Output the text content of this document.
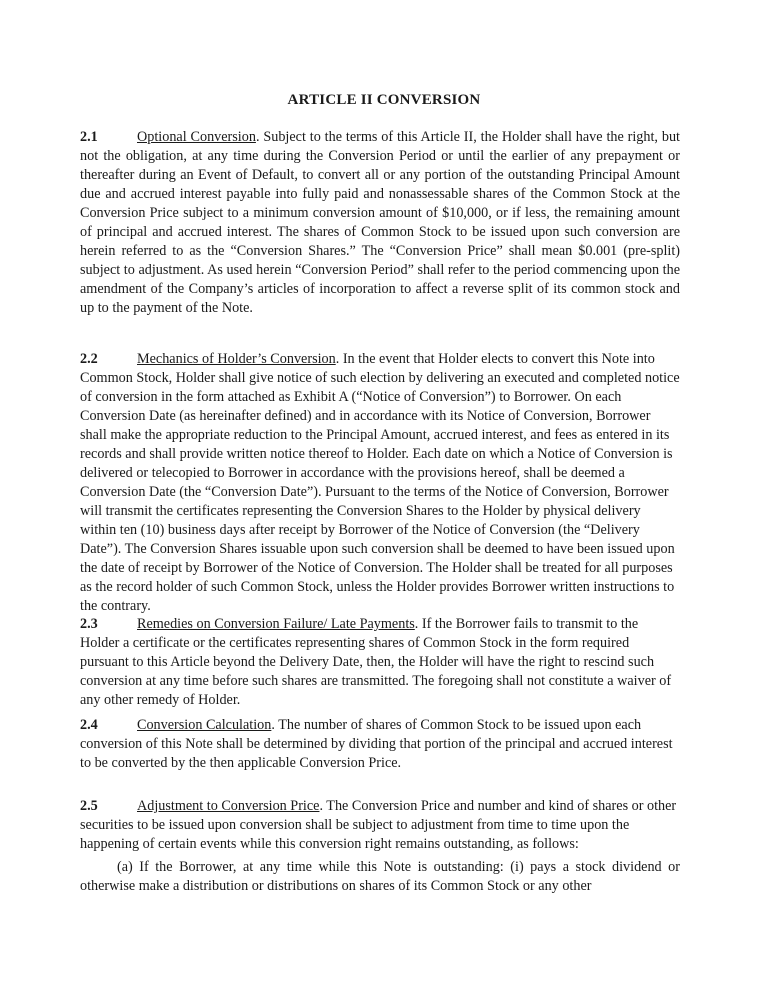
ARTICLE II CONVERSION

2.1	Optional Conversion. Subject to the terms of this Article II, the Holder shall have the right, but not the obligation, at any time during the Conversion Period or until the earlier of any prepayment or thereafter during an Event of Default, to convert all or any portion of the outstanding Principal Amount due and accrued interest payable into fully paid and nonassessable shares of the Common Stock at the Conversion Price subject to a minimum conversion amount of $10,000, or if less, the remaining amount of principal and accrued interest. The shares of Common Stock to be issued upon such conversion are herein referred to as the “Conversion Shares.” The “Conversion Price” shall mean $0.001 (pre-split) subject to adjustment. As used herein “Conversion Period” shall refer to the period commencing upon the amendment of the Company’s articles of incorporation to affect a reverse split of its common stock and up to the payment of the Note.

2.2	Mechanics of Holder’s Conversion. In the event that Holder elects to convert this Note into Common Stock, Holder shall give notice of such election by delivering an executed and completed notice of conversion in the form attached as Exhibit A (“Notice of Conversion”) to Borrower. On each Conversion Date (as hereinafter defined) and in accordance with its Notice of Conversion, Borrower shall make the appropriate reduction to the Principal Amount, accrued interest, and fees as entered in its records and shall provide written notice thereof to Holder. Each date on which a Notice of Conversion is delivered or telecopied to Borrower in accordance with the provisions hereof, shall be deemed a Conversion Date (the “Conversion Date”). Pursuant to the terms of the Notice of Conversion, Borrower will transmit the certificates representing the Conversion Shares to the Holder by physical delivery within ten (10) business days after receipt by Borrower of the Notice of Conversion (the “Delivery Date”). The Conversion Shares issuable upon such conversion shall be deemed to have been issued upon the date of receipt by Borrower of the Notice of Conversion. The Holder shall be treated for all purposes as the record holder of such Common Stock, unless the Holder provides Borrower written instructions to the contrary.

2.3	Remedies on Conversion Failure/ Late Payments. If the Borrower fails to transmit to the Holder a certificate or the certificates representing shares of Common Stock in the form required pursuant to this Article beyond the Delivery Date, then, the Holder will have the right to rescind such conversion at any time before such shares are transmitted. The foregoing shall not constitute a waiver of any other remedy of Holder.

2.4	Conversion Calculation. The number of shares of Common Stock to be issued upon each conversion of this Note shall be determined by dividing that portion of the principal and accrued interest to be converted by the then applicable Conversion Price.

2.5	Adjustment to Conversion Price. The Conversion Price and number and kind of shares or other securities to be issued upon conversion shall be subject to adjustment from time to time upon the happening of certain events while this conversion right remains outstanding, as follows:

(a) If the Borrower, at any time while this Note is outstanding: (i) pays a stock dividend or otherwise make a distribution or distributions on shares of its Common Stock or any other
